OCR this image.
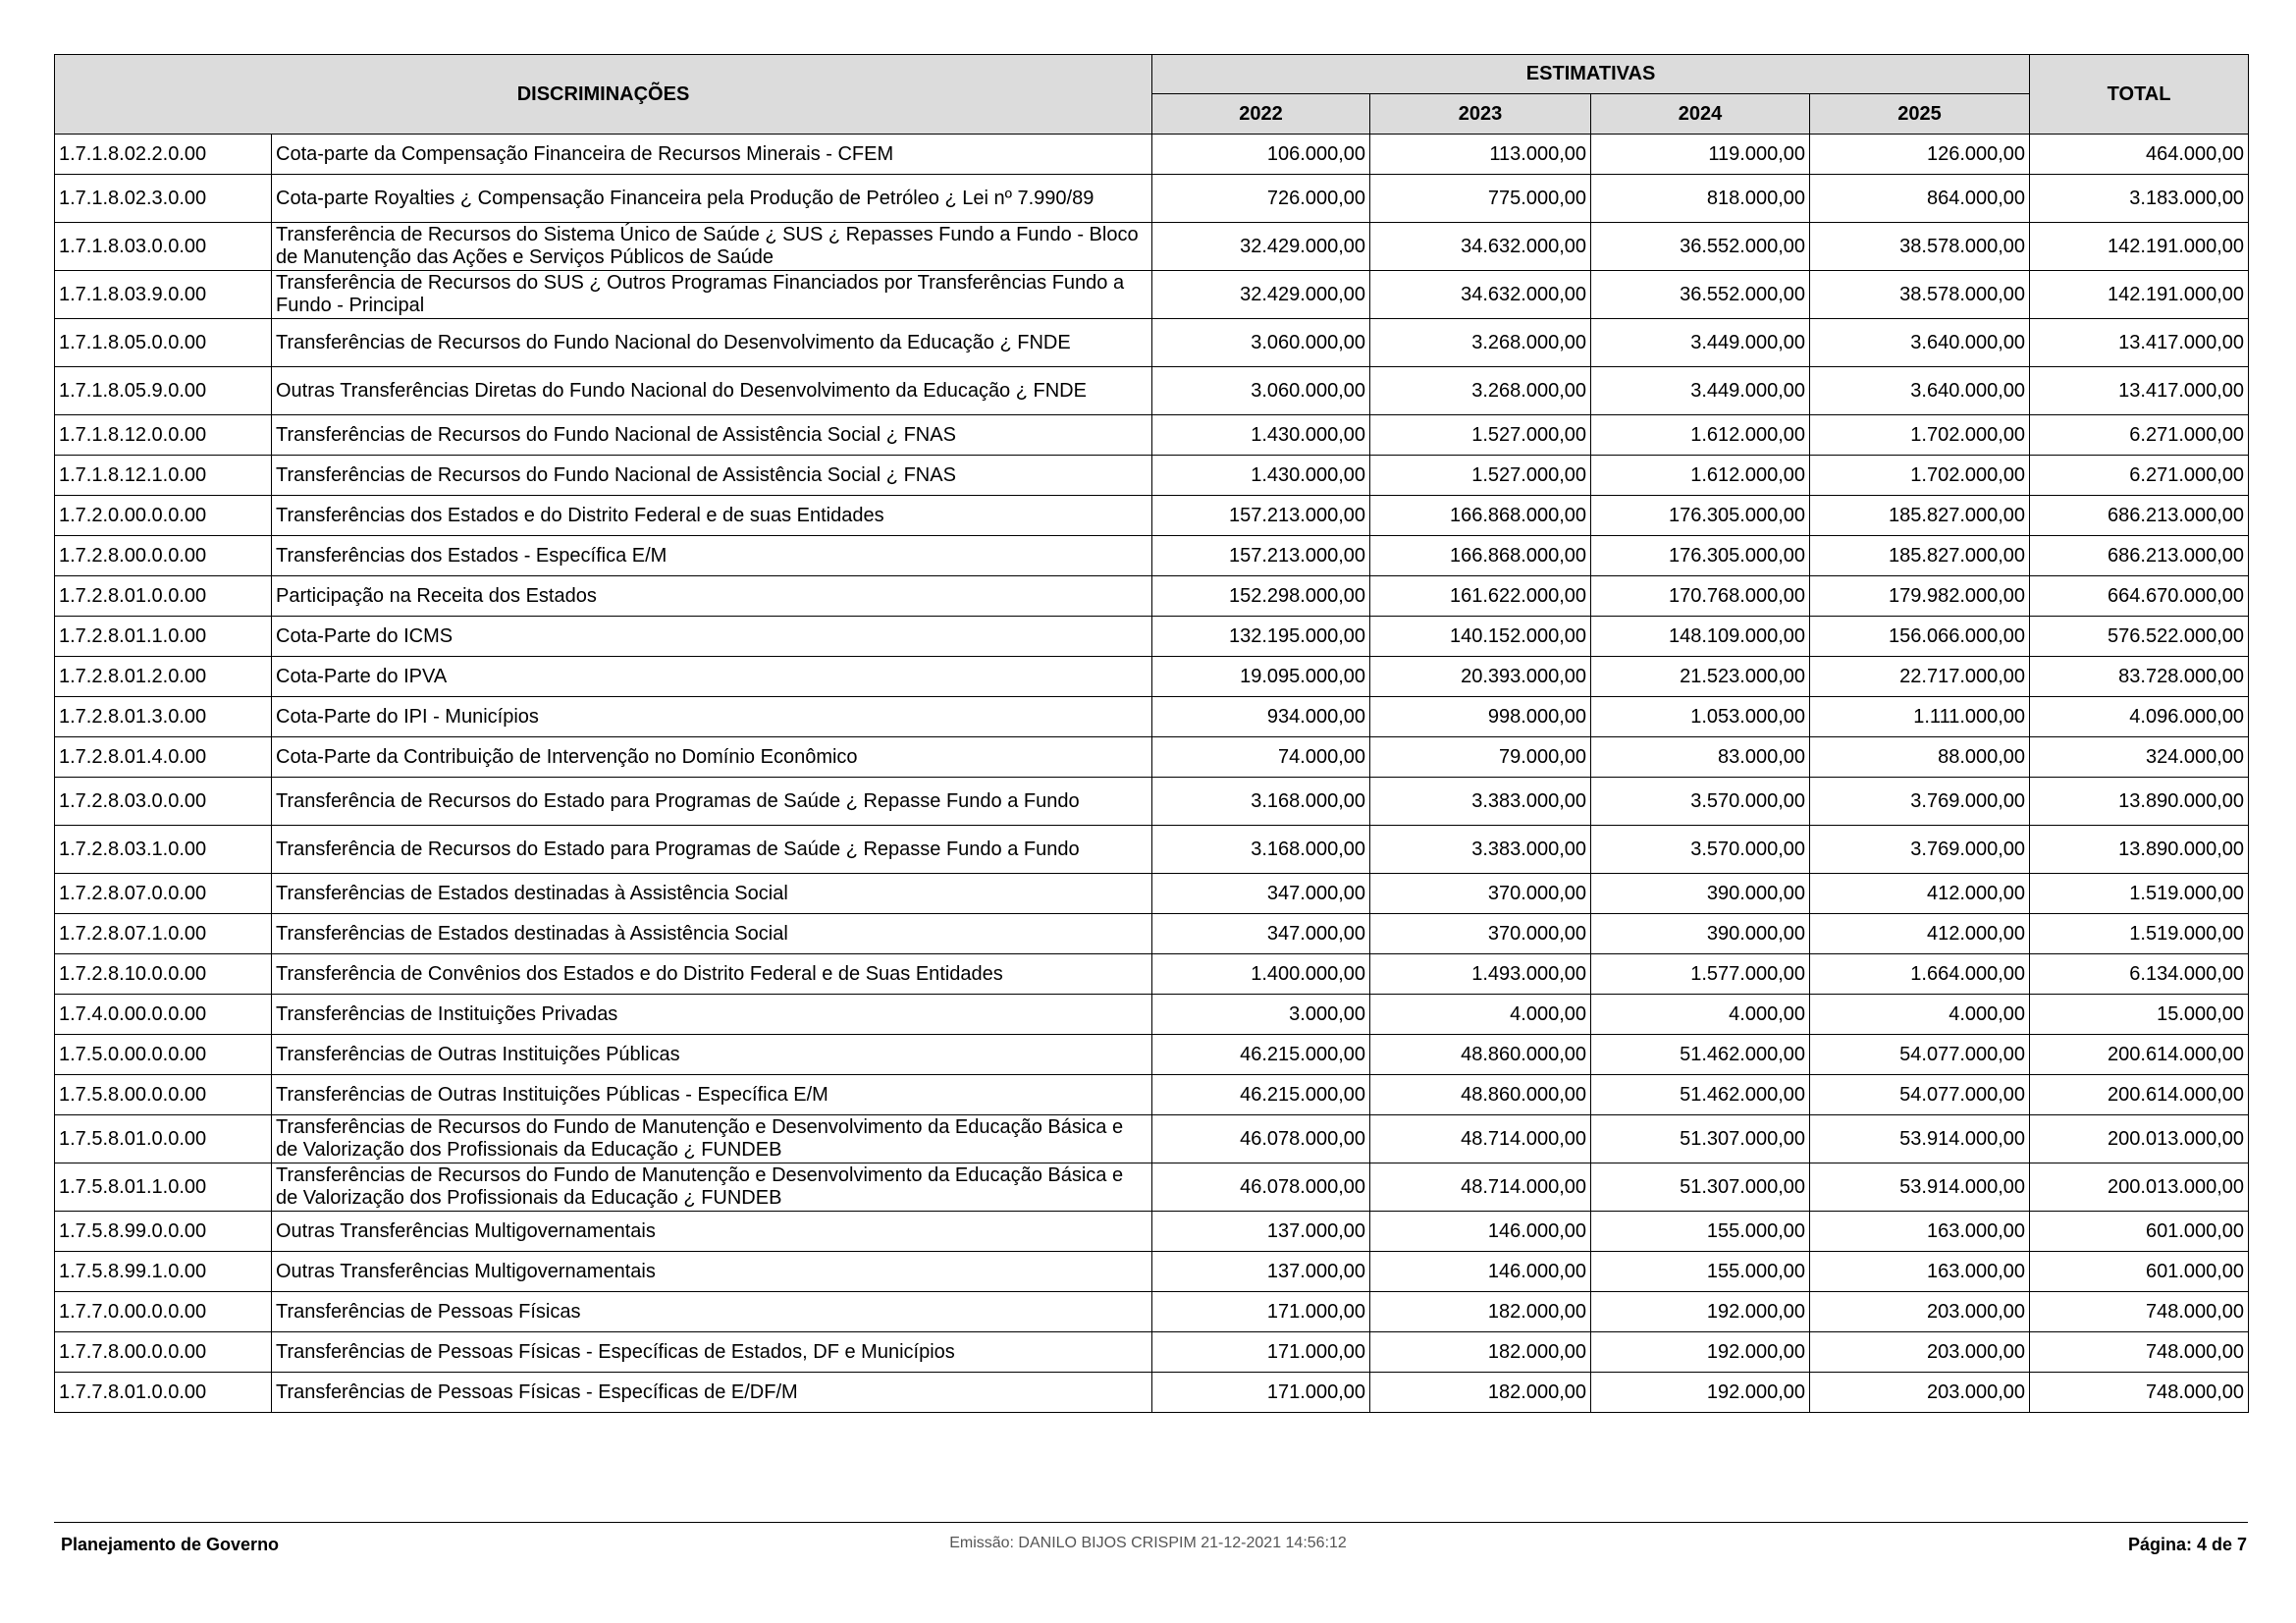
DISCRIMINAÇÕES		ESTIMATIVAS				TOTAL
		2022	2023	2024	2025	
1.7.1.8.02.2.0.00	Cota-parte da Compensação Financeira de Recursos Minerais - CFEM	106.000,00	113.000,00	119.000,00	126.000,00	464.000,00
1.7.1.8.02.3.0.00	Cota-parte Royalties ¿ Compensação Financeira pela Produção de Petróleo ¿ Lei nº 7.990/89	726.000,00	775.000,00	818.000,00	864.000,00	3.183.000,00
1.7.1.8.03.0.0.00	Transferência de Recursos do Sistema Único de Saúde ¿ SUS ¿ Repasses Fundo a Fundo - Bloco de Manutenção das Ações e Serviços Públicos de Saúde	32.429.000,00	34.632.000,00	36.552.000,00	38.578.000,00	142.191.000,00
1.7.1.8.03.9.0.00	Transferência de Recursos do SUS ¿ Outros Programas Financiados por Transferências Fundo a Fundo - Principal	32.429.000,00	34.632.000,00	36.552.000,00	38.578.000,00	142.191.000,00
1.7.1.8.05.0.0.00	Transferências de Recursos do Fundo Nacional do Desenvolvimento da Educação ¿ FNDE	3.060.000,00	3.268.000,00	3.449.000,00	3.640.000,00	13.417.000,00
1.7.1.8.05.9.0.00	Outras Transferências Diretas do Fundo Nacional do Desenvolvimento da Educação ¿ FNDE	3.060.000,00	3.268.000,00	3.449.000,00	3.640.000,00	13.417.000,00
1.7.1.8.12.0.0.00	Transferências de Recursos do Fundo Nacional de Assistência Social ¿ FNAS	1.430.000,00	1.527.000,00	1.612.000,00	1.702.000,00	6.271.000,00
1.7.1.8.12.1.0.00	Transferências de Recursos do Fundo Nacional de Assistência Social ¿ FNAS	1.430.000,00	1.527.000,00	1.612.000,00	1.702.000,00	6.271.000,00
1.7.2.0.00.0.0.00	Transferências dos Estados e do Distrito Federal e de suas Entidades	157.213.000,00	166.868.000,00	176.305.000,00	185.827.000,00	686.213.000,00
1.7.2.8.00.0.0.00	Transferências dos Estados - Específica E/M	157.213.000,00	166.868.000,00	176.305.000,00	185.827.000,00	686.213.000,00
1.7.2.8.01.0.0.00	Participação na Receita dos Estados	152.298.000,00	161.622.000,00	170.768.000,00	179.982.000,00	664.670.000,00
1.7.2.8.01.1.0.00	Cota-Parte do ICMS	132.195.000,00	140.152.000,00	148.109.000,00	156.066.000,00	576.522.000,00
1.7.2.8.01.2.0.00	Cota-Parte do IPVA	19.095.000,00	20.393.000,00	21.523.000,00	22.717.000,00	83.728.000,00
1.7.2.8.01.3.0.00	Cota-Parte do IPI - Municípios	934.000,00	998.000,00	1.053.000,00	1.111.000,00	4.096.000,00
1.7.2.8.01.4.0.00	Cota-Parte da Contribuição de Intervenção no Domínio Econômico	74.000,00	79.000,00	83.000,00	88.000,00	324.000,00
1.7.2.8.03.0.0.00	Transferência de Recursos do Estado para Programas de Saúde ¿ Repasse Fundo a Fundo	3.168.000,00	3.383.000,00	3.570.000,00	3.769.000,00	13.890.000,00
1.7.2.8.03.1.0.00	Transferência de Recursos do Estado para Programas de Saúde ¿ Repasse Fundo a Fundo	3.168.000,00	3.383.000,00	3.570.000,00	3.769.000,00	13.890.000,00
1.7.2.8.07.0.0.00	Transferências de Estados destinadas à Assistência Social	347.000,00	370.000,00	390.000,00	412.000,00	1.519.000,00
1.7.2.8.07.1.0.00	Transferências de Estados destinadas à Assistência Social	347.000,00	370.000,00	390.000,00	412.000,00	1.519.000,00
1.7.2.8.10.0.0.00	Transferência de Convênios dos Estados e do Distrito Federal e de Suas Entidades	1.400.000,00	1.493.000,00	1.577.000,00	1.664.000,00	6.134.000,00
1.7.4.0.00.0.0.00	Transferências de Instituições Privadas	3.000,00	4.000,00	4.000,00	4.000,00	15.000,00
1.7.5.0.00.0.0.00	Transferências de Outras Instituições Públicas	46.215.000,00	48.860.000,00	51.462.000,00	54.077.000,00	200.614.000,00
1.7.5.8.00.0.0.00	Transferências de Outras Instituições Públicas - Específica E/M	46.215.000,00	48.860.000,00	51.462.000,00	54.077.000,00	200.614.000,00
1.7.5.8.01.0.0.00	Transferências de Recursos do Fundo de Manutenção e Desenvolvimento da Educação Básica e de Valorização dos Profissionais da Educação ¿ FUNDEB	46.078.000,00	48.714.000,00	51.307.000,00	53.914.000,00	200.013.000,00
1.7.5.8.01.1.0.00	Transferências de Recursos do Fundo de Manutenção e Desenvolvimento da Educação Básica e de Valorização dos Profissionais da Educação ¿ FUNDEB	46.078.000,00	48.714.000,00	51.307.000,00	53.914.000,00	200.013.000,00
1.7.5.8.99.0.0.00	Outras Transferências Multigovernamentais	137.000,00	146.000,00	155.000,00	163.000,00	601.000,00
1.7.5.8.99.1.0.00	Outras Transferências Multigovernamentais	137.000,00	146.000,00	155.000,00	163.000,00	601.000,00
1.7.7.0.00.0.0.00	Transferências de Pessoas Físicas	171.000,00	182.000,00	192.000,00	203.000,00	748.000,00
1.7.7.8.00.0.0.00	Transferências de Pessoas Físicas - Específicas de Estados, DF e Municípios	171.000,00	182.000,00	192.000,00	203.000,00	748.000,00
1.7.7.8.01.0.0.00	Transferências de Pessoas Físicas - Específicas de E/DF/M	171.000,00	182.000,00	192.000,00	203.000,00	748.000,00
Planejamento de Governo	Emissão: DANILO BIJOS CRISPIM 21-12-2021 14:56:12	Página: 4 de 7
